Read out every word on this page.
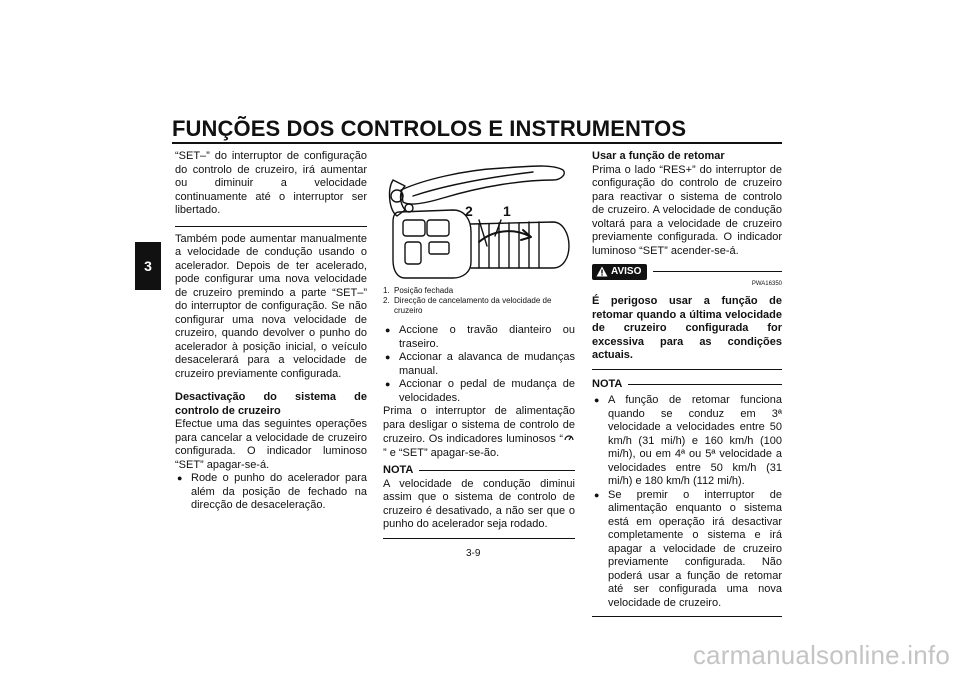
FUNÇÕES DOS CONTROLOS E INSTRUMENTOS
3

“SET–” do interruptor de configuração do controlo de cruzeiro, irá aumentar ou diminuir a velocidade continuamente até o interruptor ser libertado.

Também pode aumentar manualmente a velocidade de condução usando o acelerador. Depois de ter acelerado, pode configurar uma nova velocidade de cruzeiro premindo a parte “SET–” do interruptor de configuração. Se não configurar uma nova velocidade de cruzeiro, quando devolver o punho do acelerador à posição inicial, o veículo desacelerará para a velocidade de cruzeiro previamente configurada.

Desactivação do sistema de controlo de cruzeiro

Efectue uma das seguintes operações para cancelar a velocidade de cruzeiro configurada. O indicador luminoso “SET” apagar-se-á.

● Rode o punho do acelerador para além da posição de fechado na direcção de desaceleração.

2 1
1. Posição fechada
2. Direcção de cancelamento da velocidade de cruzeiro

● Accione o travão dianteiro ou traseiro.

● Accionar a alavanca de mudanças manual.

● Accionar o pedal de mudança de velocidades.

Prima o interruptor de alimentação para desligar o sistema de controlo de cruzeiro. Os indicadores luminosos “” e “SET” apagar-se-ão.

NOTA

A velocidade de condução diminui assim que o sistema de controlo de cruzeiro é desativado, a não ser que o punho do acelerador seja rodado.

Usar a função de retomar

Prima o lado “RES+” do interruptor de configuração do controlo de cruzeiro para reactivar o sistema de controlo de cruzeiro. A velocidade de condução voltará para a velocidade de cruzeiro previamente configurada. O indicador luminoso “SET” acender-se-á.

AVISO
PWA16350

É perigoso usar a função de retomar quando a última velocidade de cruzeiro configurada for excessiva para as condições actuais.

NOTA

● A função de retomar funciona quando se conduz em 3ª velocidade a velocidades entre 50 km/h (31 mi/h) e 160 km/h (100 mi/h), ou em 4ª ou 5ª velocidade a velocidades entre 50 km/h (31 mi/h) e 180 km/h (112 mi/h).

● Se premir o interruptor de alimentação enquanto o sistema está em operação irá desactivar completamente o sistema e irá apagar a velocidade de cruzeiro previamente configurada. Não poderá usar a função de retomar até ser configurada uma nova velocidade de cruzeiro.

3-9
carmanualsonline.info
